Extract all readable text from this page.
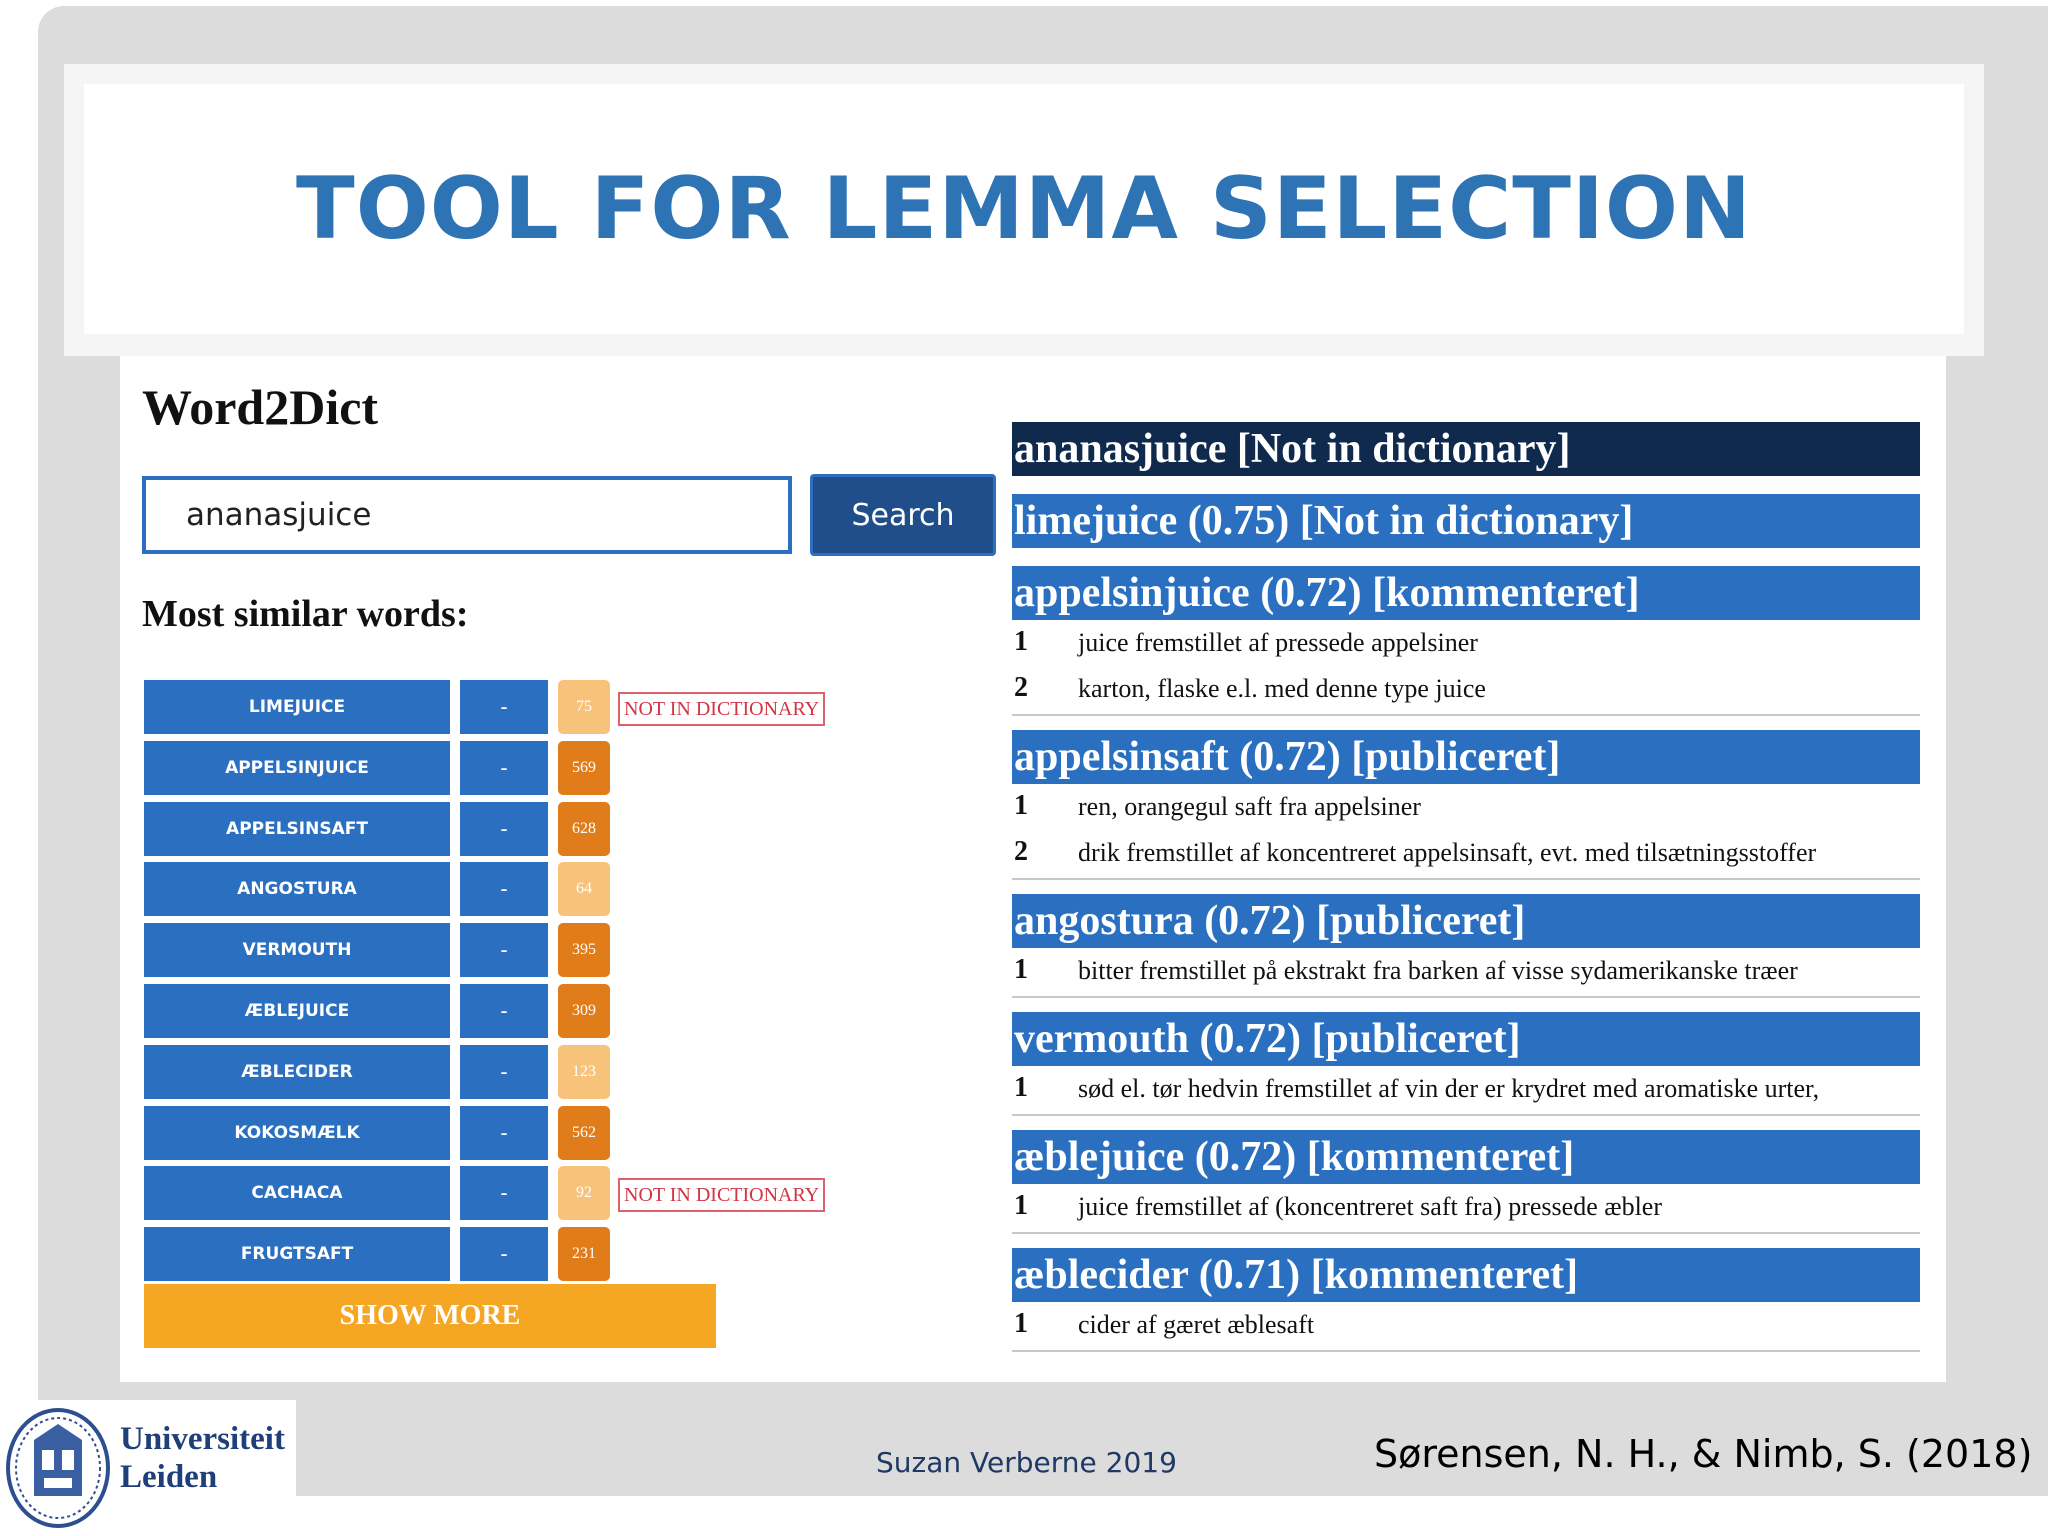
TOOL FOR LEMMA SELECTION
Word2Dict
ananasjuice	Search
Most similar words:
LIMEJUICE	-	75	NOT IN DICTIONARY
APPELSINJUICE	-	569
APPELSINSAFT	-	628
ANGOSTURA	-	64
VERMOUTH	-	395
ÆBLEJUICE	-	309
ÆBLECIDER	-	123
KOKOSMÆLK	-	562
CACHACA	-	92	NOT IN DICTIONARY
FRUGTSAFT	-	231
SHOW MORE
ananasjuice [Not in dictionary]
limejuice (0.75) [Not in dictionary]
appelsinjuice (0.72) [kommenteret]
1 juice fremstillet af pressede appelsiner
2 karton, flaske e.l. med denne type juice
appelsinsaft (0.72) [publiceret]
1 ren, orangegul saft fra appelsiner
2 drik fremstillet af koncentreret appelsinsaft, evt. med tilsætningsstoffer
angostura (0.72) [publiceret]
1 bitter fremstillet på ekstrakt fra barken af visse sydamerikanske træer
vermouth (0.72) [publiceret]
1 sød el. tør hedvin fremstillet af vin der er krydret med aromatiske urter,
æblejuice (0.72) [kommenteret]
1 juice fremstillet af (koncentreret saft fra) pressede æbler
æblecider (0.71) [kommenteret]
1 cider af gæret æblesaft
Universiteit
Leiden	Suzan Verberne 2019	Sørensen, N. H., & Nimb, S. (2018)
